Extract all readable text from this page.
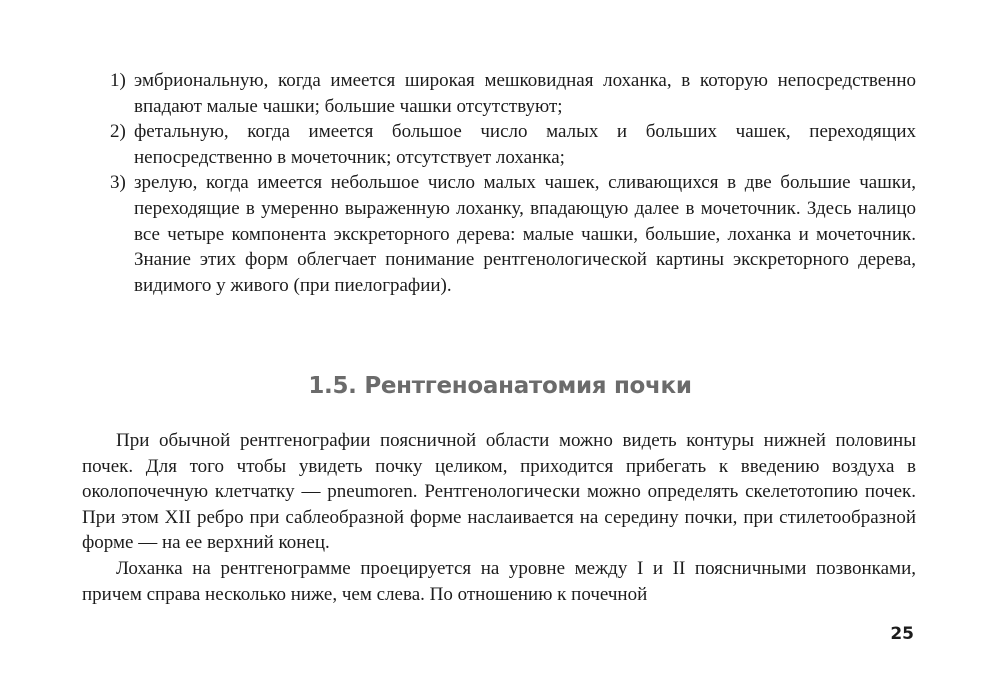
1) эмбриональную, когда имеется широкая мешковидная лоханка, в которую непосредственно впадают малые чашки; большие чашки отсутствуют;
2) фетальную, когда имеется большое число малых и больших чашек, переходящих непосредственно в мочеточник; отсутствует лоханка;
3) зрелую, когда имеется небольшое число малых чашек, сливающихся в две большие чашки, переходящие в умеренно выраженную лоханку, впадающую далее в мочеточник. Здесь налицо все четыре компонента экскреторного дерева: малые чашки, большие, лоханка и мочеточник. Знание этих форм облегчает понимание рентгенологической картины экскреторного дерева, видимого у живого (при пиелографии).
1.5. Рентгеноанатомия почки

При обычной рентгенографии поясничной области можно видеть контуры нижней половины почек. Для того чтобы увидеть почку целиком, приходится прибегать к введению воздуха в околопочечную клетчатку — pneumoren. Рентгенологически можно определять скелетотопию почек. При этом XII ребро при саблеобразной форме наслаивается на середину почки, при стилетообразной форме — на ее верхний конец.

Лоханка на рентгенограмме проецируется на уровне между I и II поясничными позвонками, причем справа несколько ниже, чем слева. По отношению к почечной

25
